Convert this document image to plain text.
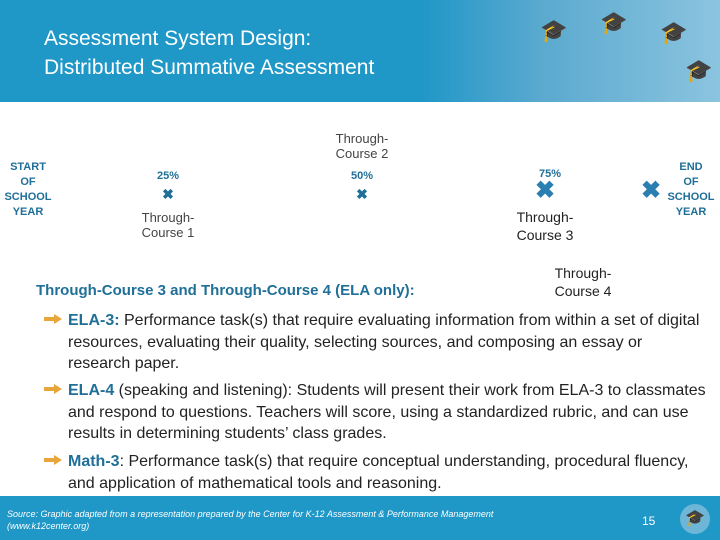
🎓 🎓
🎓
🎓
Assessment System Design:
Distributed Summative Assessment
START
OF
SCHOOL
YEAR
25%
✖
Through-
Course 1
Through-
Course 2
50%
✖
75%
✖
Through-
Course 3
✖
END
OF
SCHOOL
YEAR
Through-
Course 4
Through-Course 3 and Through-Course 4 (ELA only):
ELA-3: Performance task(s) that require evaluating information from within a set of digital resources, evaluating their quality, selecting sources, and composing an essay or research paper.
ELA-4 (speaking and listening): Students will present their work from ELA-3 to classmates and respond to questions. Teachers will score, using a standardized rubric, and can use results in determining students’ class grades.
Math-3: Performance task(s) that require conceptual understanding, procedural fluency, and application of mathematical tools and reasoning.
Source: Graphic adapted from a representation prepared by the Center for K-12 Assessment & Performance Management (www.k12center.org)	15	🎓
